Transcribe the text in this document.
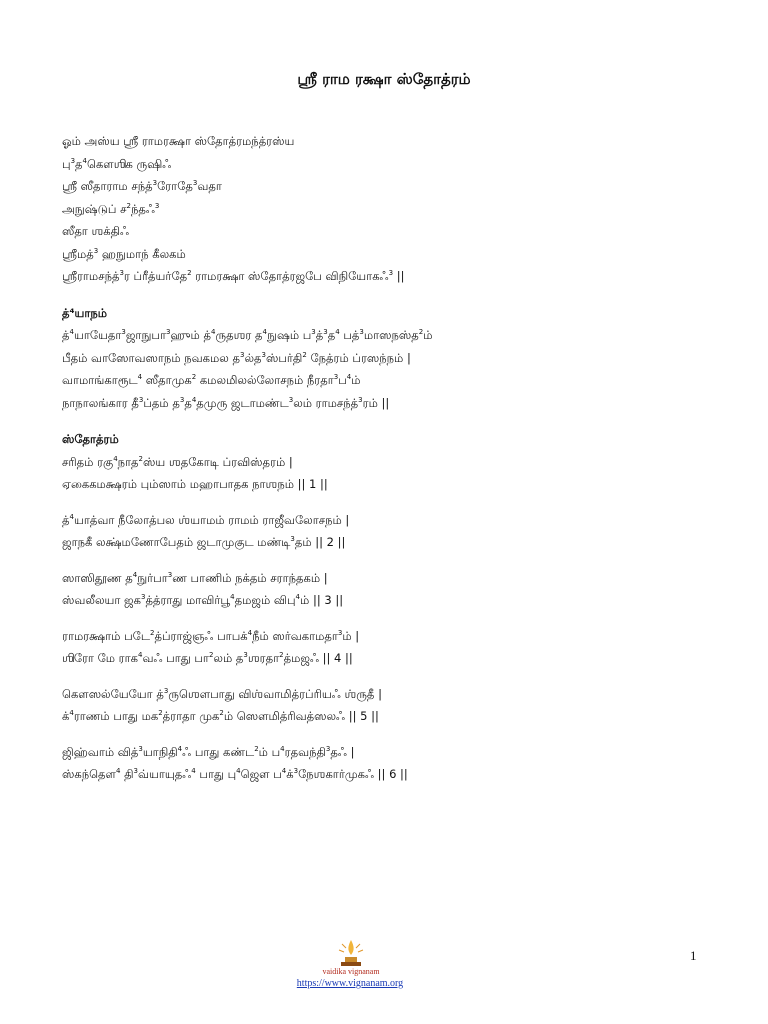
ஶ்ரீ ராம ரக்ஷா ஸ்தோத்ரம்
ஓம் அஸ்ய ஶ்ரீ ராமரக்ஷா ஸ்தோத்ரமந்த்ரஸ்ய
ப$^3$த$^4$கஶக ரஷஃ
ஶ ஸதரம சநத$^3$ரத$^3$வத
அநஷடப ச$^2$நதஃ$^3$
ஸீதா ஶக்திஃ
ஶமத$^3$ ஹநமந கலகம
ஶரமசநத$^3$ர பரதயரத$^2$ ரமரக ஸததரஜப வநயகஃ$^3$ ||
த்⁴யாநம்
த$^4$யயத$^3$ஜநப$^3$ஹம த$^4$ரதஶர த$^4$நஷம ப$^3$த$^3$த$^4$ பத$^3$மஸநஸத$^2$ம
பதம வஸவஸநம நவகமல த$^3$லத$^3$ஸபரத$^2$ நதரம பரஸநநம |
வமஙகரட$^4$ ஸதமக$^2$ கமலமலலலசநம நரத$^3$ப$^4$ம
நநலஙகர த$^3$பதம த$^3$த$^4$தமர ஜடமணட$^3$லம ரமசநத$^3$ரம ||
ஸ்தோத்ரம்
சரதம ரக$^4$நத$^2$ஸய ஶதகட பரவஸதரம |
ஏகைகமக்ஷரம் பும்ஸாம் மஹாபாதக நாஶநம் || 1 ||
த$^4$யதவ நலதபல ஶயமம ரமம ரஜவலசநம |
ஜநக லகமணபதம ஜடமகட மணட$^3$தம || 2 ||
ஸஸதண த$^4$நரப$^3$ண பணம நகதம சரநதகம |
ஸவலலய ஜக$^3$ததரத மவரப$^4$தமஜம வப$^4$ம || 3 ||
ரமரகம பட$^2$தபரஜஞஃ பபக$^4$நம ஸரவகமத$^3$ம |
ஶர ம ரக$^4$வஃ பத ப$^2$லம த$^3$ஶரத$^2$தமஜஃ || 4 ||
கஸலயய த$^3$ரஶபத வஶவமதரபரயஃ ஶரத |
க$^4$ரணம பத மக$^2$தரத மக$^2$ம ஸமதரவதஸலஃ || 5 ||
ஜஹவம வத$^3$யநத$^4$ஃ பத கணட$^2$ம ப$^4$ரதவநத$^3$தஃ |
ஸகநத$^4$ த$^3$வயயதஃ$^4$ பத ப$^4$ஜ ப$^4$க$^3$நஶகரமகஃ || 6 ||
1
vaidika vignanam
https://www.vignanam.org
